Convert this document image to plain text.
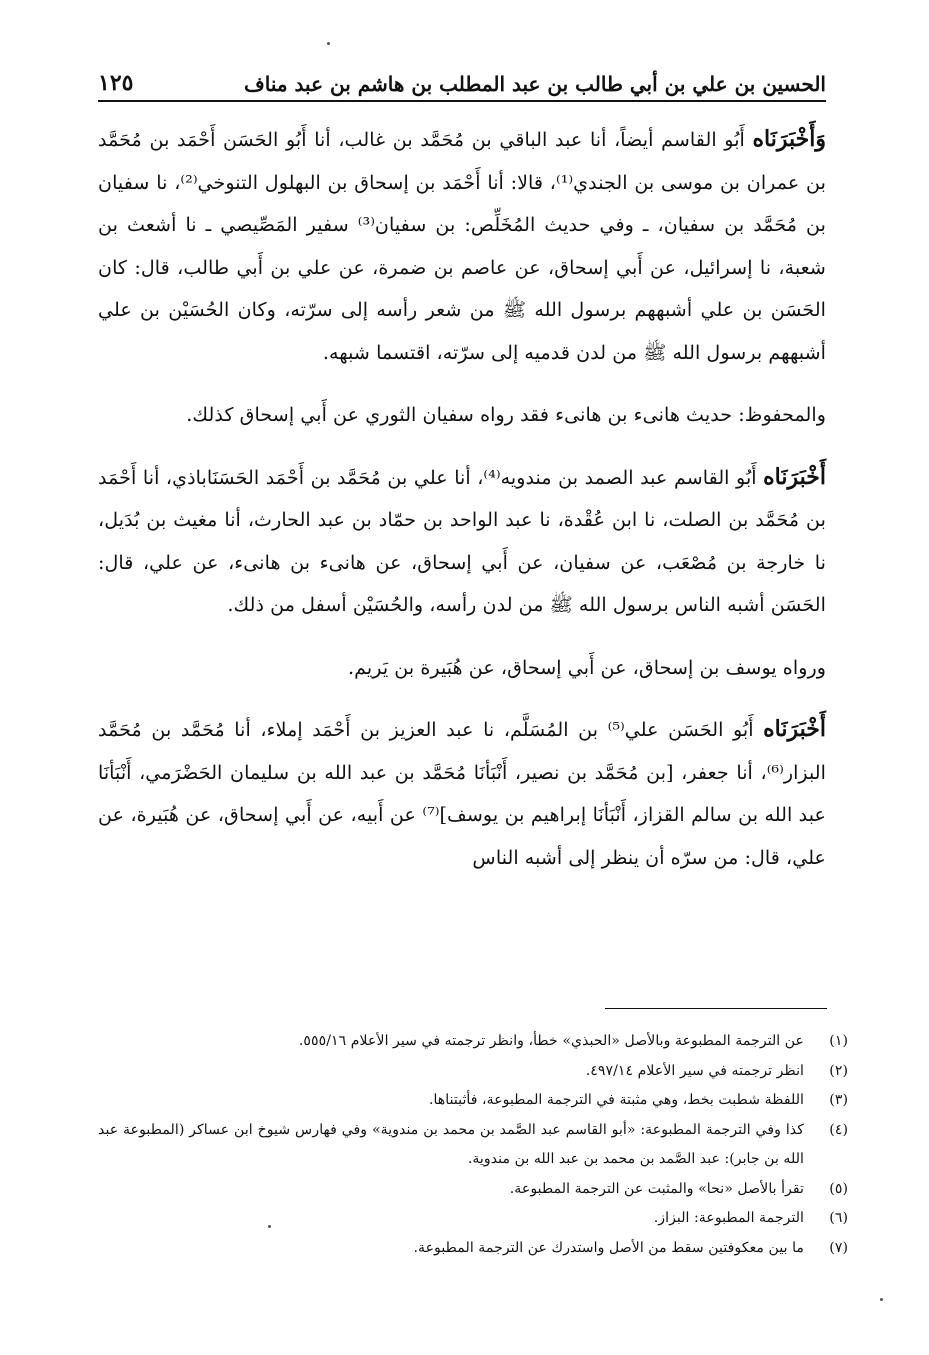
الحسين بن علي بن أبي طالب بن عبد المطلب بن هاشم بن عبد مناف
١٢٥

وَأَخْبَرَنَاه أَبُو القاسم أيضاً، أنا عبد الباقي بن مُحَمَّد بن غالب، أنا أَبُو الحَسَن أَحْمَد بن مُحَمَّد بن عمران بن موسى بن الجندي⁽¹⁾، قالا: أنا أَحْمَد بن إسحاق بن البهلول التنوخي⁽²⁾، نا سفيان بن مُحَمَّد بن سفيان، ـ وفي حديث المُخَلِّص: بن سفيان⁽³⁾ سفير المَصِّيصي ـ نا أشعث بن شعبة، نا إسرائيل، عن أَبي إسحاق، عن عاصم بن ضمرة، عن علي بن أَبي طالب، قال: كان الحَسَن بن علي أشبههم برسول الله ﷺ من شعر رأسه إلى سرّته، وكان الحُسَيْن بن علي أشبههم برسول الله ﷺ من لدن قدميه إلى سرّته، اقتسما شبهه.

والمحفوظ: حديث هانىء بن هانىء فقد رواه سفيان الثوري عن أَبي إسحاق كذلك.

أَخْبَرَنَاه أَبُو القاسم عبد الصمد بن مندويه⁽⁴⁾، أنا علي بن مُحَمَّد بن أَحْمَد الحَسَنَاباذي، أنا أَحْمَد بن مُحَمَّد بن الصلت، نا ابن عُقْدة، نا عبد الواحد بن حمّاد بن عبد الحارث، أنا مغيث بن بُدَيل، نا خارجة بن مُصْعَب، عن سفيان، عن أَبي إسحاق، عن هانىء بن هانىء، عن علي، قال: الحَسَن أشبه الناس برسول الله ﷺ من لدن رأسه، والحُسَيْن أسفل من ذلك.

ورواه يوسف بن إسحاق، عن أَبي إسحاق، عن هُبَيرة بن يَريم.

أَخْبَرَنَاه أَبُو الحَسَن علي⁽⁵⁾ بن المُسَلَّم، نا عبد العزيز بن أَحْمَد إملاء، أنا مُحَمَّد بن مُحَمَّد البزار⁽⁶⁾، أنا جعفر، [بن مُحَمَّد بن نصير، أَنْبَأنَا مُحَمَّد بن عبد الله بن سليمان الحَضْرَمي، أَنْبَأنَا عبد الله بن سالم القزاز، أَنْبَأنَا إبراهيم بن يوسف]⁽⁷⁾ عن أَبيه، عن أَبي إسحاق، عن هُبَيرة، عن علي، قال: من سرّه أن ينظر إلى أشبه الناس

(١)
عن الترجمة المطبوعة وبالأصل «الحبذي» خطأ، وانظر ترجمته في سير الأعلام ٥٥٥/١٦.
(٢)
انظر ترجمته في سير الأعلام ٤٩٧/١٤.
(٣)
اللفظة شطبت بخط، وهي مثبتة في الترجمة المطبوعة، فأثبتناها.
(٤)
كذا وفي الترجمة المطبوعة: «أبو القاسم عبد الصَّمد بن محمد بن مندوية» وفي فهارس شيوخ ابن عساكر (المطبوعة عبد الله بن جابر): عبد الصَّمد بن محمد بن عبد الله بن مندوية.
(٥)
تقرأ بالأصل «نحا» والمثبت عن الترجمة المطبوعة.
(٦)
الترجمة المطبوعة: البزاز.
(٧)
ما بين معكوفتين سقط من الأصل واستدرك عن الترجمة المطبوعة.
